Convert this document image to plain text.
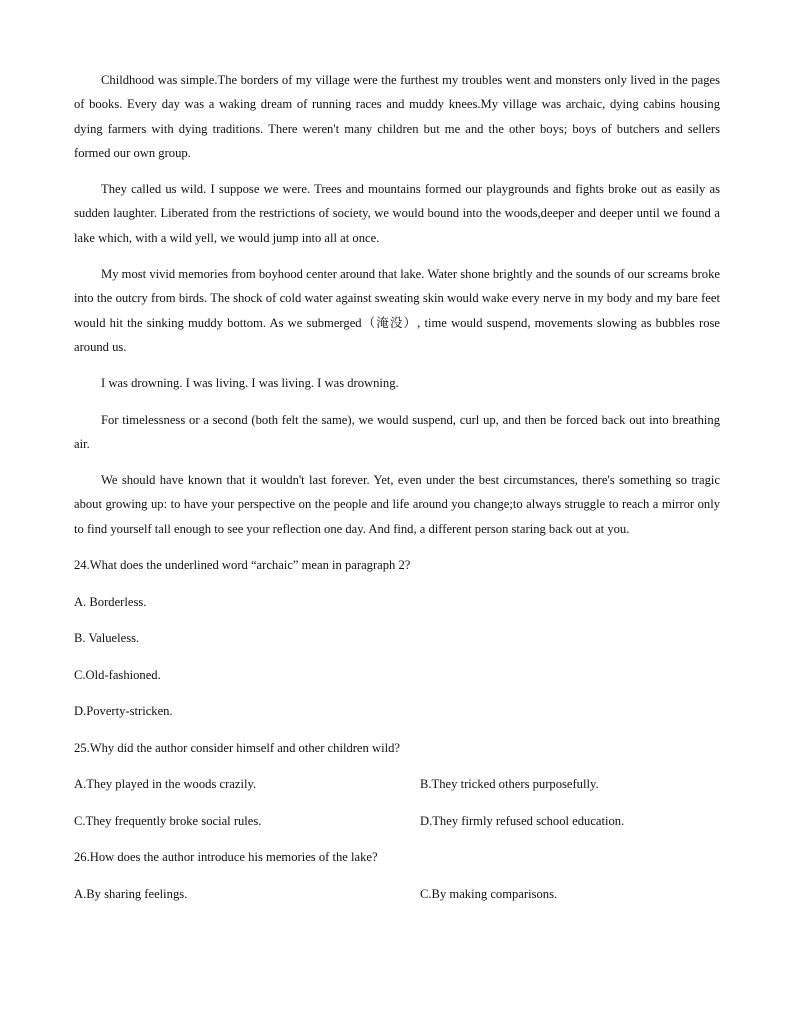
Childhood was simple.The borders of my village were the furthest my troubles went and monsters only lived in the pages of books. Every day was a waking dream of running races and muddy knees.My village was archaic, dying cabins housing dying farmers with dying traditions. There weren't many children but me and the other boys; boys of butchers and sellers formed our own group.

They called us wild. I suppose we were. Trees and mountains formed our playgrounds and fights broke out as easily as sudden laughter. Liberated from the restrictions of society, we would bound into the woods,deeper and deeper until we found a lake which, with a wild yell, we would jump into all at once.

My most vivid memories from boyhood center around that lake. Water shone brightly and the sounds of our screams broke into the outcry from birds. The shock of cold water against sweating skin would wake every nerve in my body and my bare feet would hit the sinking muddy bottom. As we submerged（淹没）, time would suspend, movements slowing as bubbles rose around us.

I was drowning. I was living. I was living. I was drowning.

For timelessness or a second (both felt the same), we would suspend, curl up, and then be forced back out into breathing air.

We should have known that it wouldn't last forever. Yet, even under the best circumstances, there's something so tragic about growing up: to have your perspective on the people and life around you change;to always struggle to reach a mirror only to find yourself tall enough to see your reflection one day. And find, a different person staring back out at you.

24.What does the underlined word “archaic” mean in paragraph 2?

A. Borderless.

B. Valueless.

C.Old-fashioned.

D.Poverty-stricken.

25.Why did the author consider himself and other children wild?

A.They played in the woods crazily.	B.They tricked others purposefully.
C.They frequently broke social rules.	D.They firmly refused school education.

26.How does the author introduce his memories of the lake?

A.By sharing feelings.	C.By making comparisons.
